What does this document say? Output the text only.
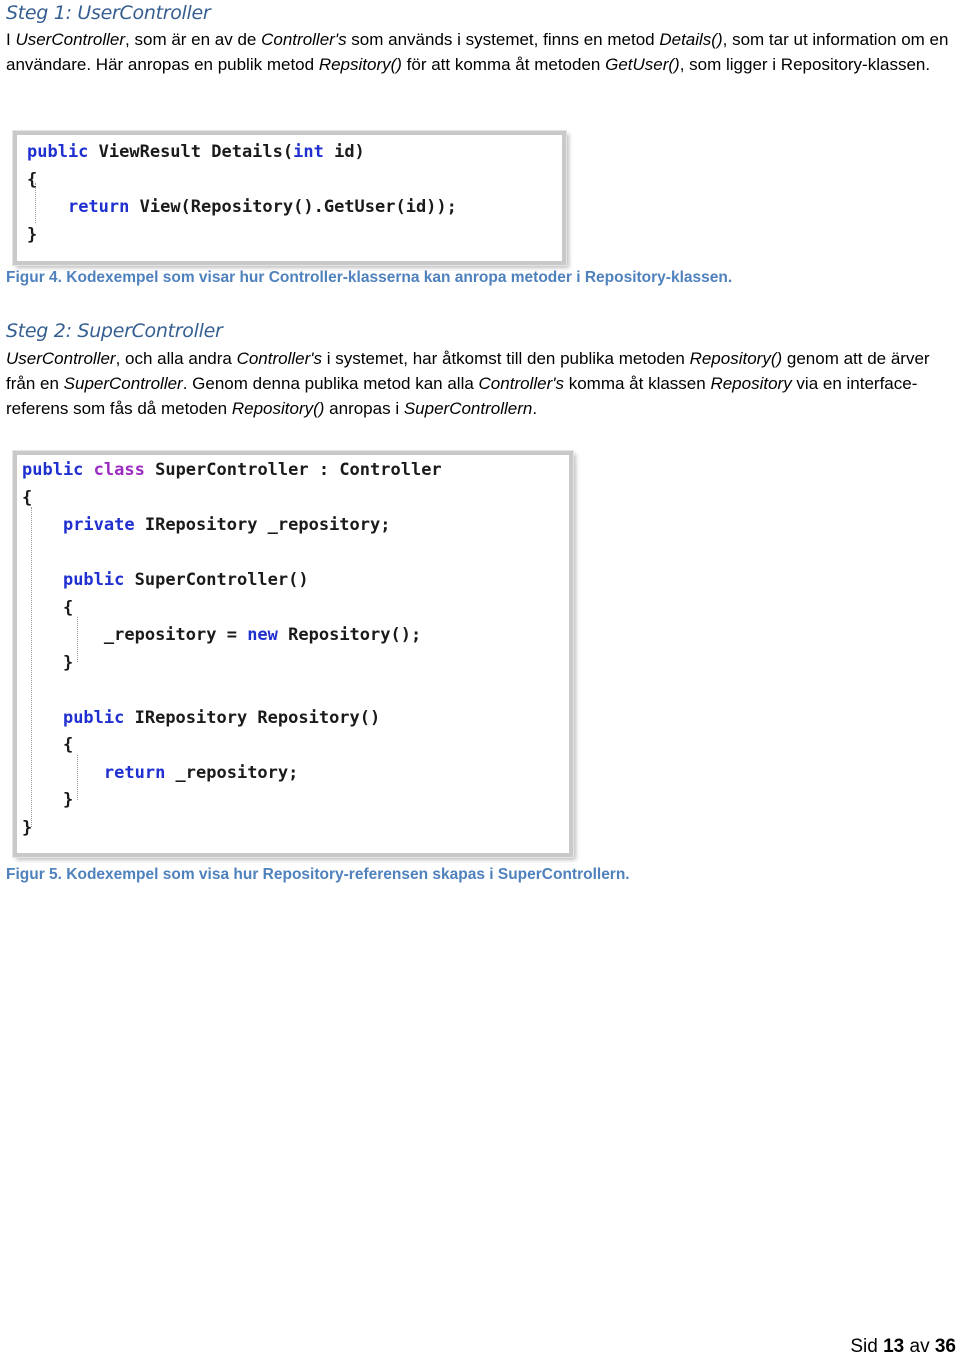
Steg 1: UserController

I UserController, som är en av de Controller's som används i systemet, finns en metod Details(), som tar ut information om en användare. Här anropas en publik metod Repsitory() för att komma åt metoden GetUser(), som ligger i Repository-klassen.

public ViewResult Details(int id)
{
return View(Repository().GetUser(id));
}

Figur 4. Kodexempel som visar hur Controller-klasserna kan anropa metoder i Repository-klassen.

Steg 2: SuperController

UserController, och alla andra Controller's i systemet, har åtkomst till den publika metoden Repository() genom att de ärver från en SuperController. Genom denna publika metod kan alla Controller's komma åt klassen Repository via en interface-referens som fås då metoden Repository() anropas i SuperControllern.

public class SuperController : Controller
{
private IRepository _repository;

public SuperController()
{
_repository = new Repository();
}

public IRepository Repository()
{
return _repository;
}
}

Figur 5. Kodexempel som visa hur Repository-referensen skapas i SuperControllern.

Sid 13 av 36
